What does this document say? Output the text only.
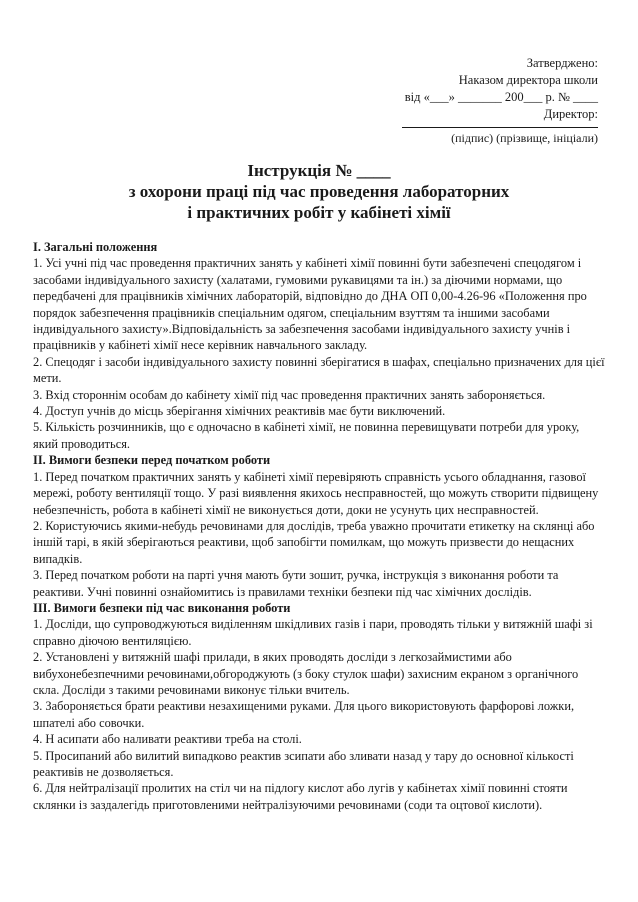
Затверджено:
Наказом директора школи
від «___» _______ 200___ р. № ____
Директор:
(підпис) (прізвище, ініціали)
Інструкція № ____
з охорони праці під час проведення лабораторних
і практичних робіт у кабінеті хімії

І. Загальні положення

1. Усі учні під час проведення практичних занять у кабінеті хімії повинні бути забезпечені спецодягом і засобами індивідуального захисту (халатами, гумовими рукавицями та ін.) за діючими нормами, що передбачені для працівників хімічних лабораторій, відповідно до ДНА ОП 0,00-4.26-96 «Положення про порядок забезпечення працівників спеціальним одягом, спеціальним взуттям та іншими засобами індивідуального захисту».Відповідальність за забезпечення засобами індивідуального захисту учнів і працівників у кабінеті хімії несе керівник навчального закладу.

2. Спецодяг і засоби індивідуального захисту повинні зберігатися в шафах, спеціально призначених для цієї мети.

3. Вхід стороннім особам до кабінету хімії під час проведення практичних занять забороняється.

4. Доступ учнів до місць зберігання хімічних реактивів має бути виключений.

5. Кількість розчинників, що є одночасно в кабінеті хімії, не повинна перевищувати потреби для уроку, який проводиться.

ІІ. Вимоги безпеки перед початком роботи

1. Перед початком практичних занять у кабінеті хімії перевіряють справність усього обладнання, газової мережі, роботу вентиляції тощо. У разі виявлення якихось несправностей, що можуть створити підвищену небезпечність, робота в кабінеті хімії не виконується доти, доки не усунуть цих несправностей.

2. Користуючись якими-небудь речовинами для дослідів, треба уважно прочитати етикетку на склянці або іншій тарі, в якій зберігаються реактиви, щоб запобігти помилкам, що можуть призвести до нещасних випадків.

3. Перед початком роботи на парті учня мають бути зошит, ручка, інструкція з виконання роботи та реактиви. Учні повинні ознайомитись із правилами техніки безпеки під час хімічних дослідів.

ІІІ. Вимоги безпеки під час виконання роботи

1. Досліди, що супроводжуються виділенням шкідливих газів і пари, проводять тільки у витяжній шафі зі справно діючою вентиляцією.

2. Установлені у витяжній шафі прилади, в яких проводять досліди з легкозаймистими або вибухонебезпечними речовинами,обгороджують (з боку стулок шафи) захисним екраном з органічного скла. Досліди з такими речовинами виконує тільки вчитель.

3. Забороняється брати реактиви незахищеними руками. Для цього використовують фарфорові ложки, шпателі або совочки.

4. Н асипати або наливати реактиви треба на столі.

5. Просипаний або вилитий випадково реактив зсипати або зливати назад у тару до основної кількості реактивів не дозволяється.

6. Для нейтралізації пролитих на стіл чи на підлогу кислот або лугів у кабінетах хімії повинні стояти склянки із заздалегідь приготовленими нейтралізуючими речовинами (соди та оцтової кислоти).
